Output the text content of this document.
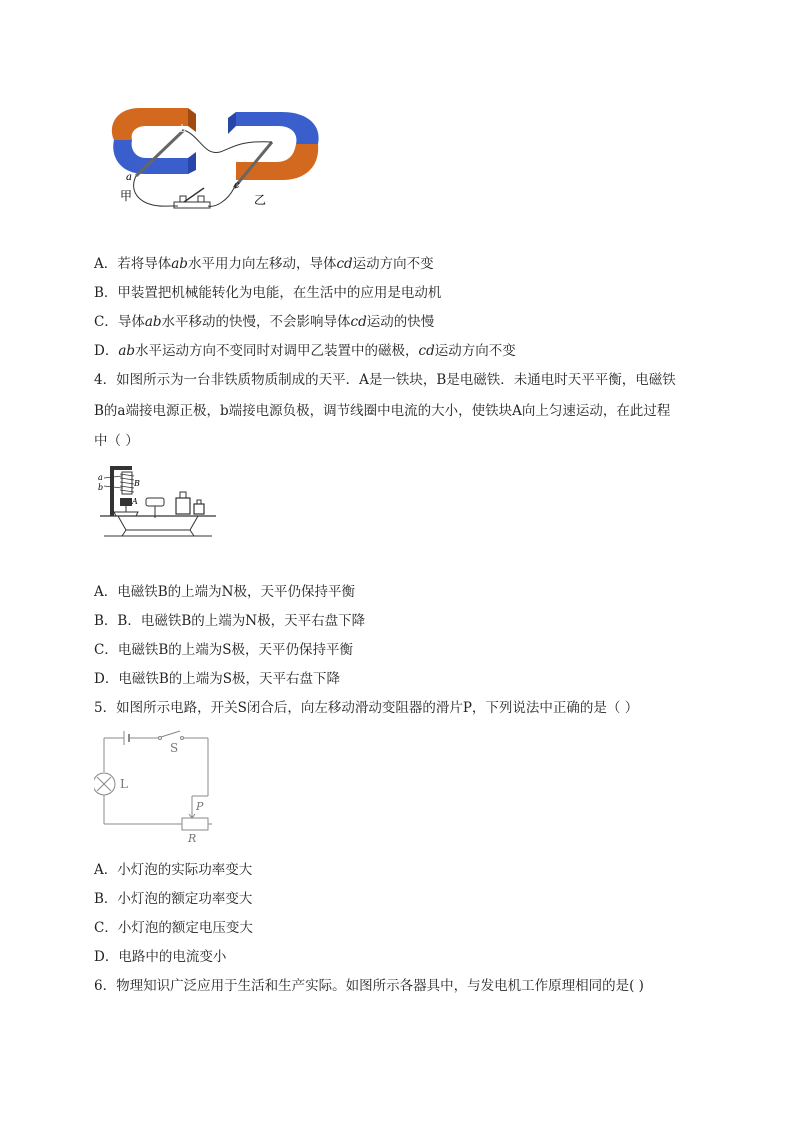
b
a
c
甲	乙
A．若将导体ab水平用力向左移动，导体cd运动方向不变
B．甲装置把机械能转化为电能，在生活中的应用是电动机
C．导体ab水平移动的快慢，不会影响导体cd运动的快慢
D．ab水平运动方向不变同时对调甲乙装置中的磁极，cd运动方向不变
4．如图所示为一台非铁质物质制成的天平．A是一铁块，B是电磁铁．未通电时天平平衡，电磁铁
B的a端接电源正极，b端接电源负极，调节线圈中电流的大小，使铁块A向上匀速运动，在此过程
中（ ）
a
b	B
A
A．电磁铁B的上端为N极，天平仍保持平衡
B．B．电磁铁B的上端为N极，天平右盘下降
C．电磁铁B的上端为S极，天平仍保持平衡
D．电磁铁B的上端为S极，天平右盘下降
5．如图所示电路，开关S闭合后，向左移动滑动变阻器的滑片P，下列说法中正确的是（ ）
S
L
P
R
A．小灯泡的实际功率变大
B．小灯泡的额定功率变大
C．小灯泡的额定电压变大
D．电路中的电流变小
6．物理知识广泛应用于生活和生产实际。如图所示各器具中，与发电机工作原理相同的是( )
